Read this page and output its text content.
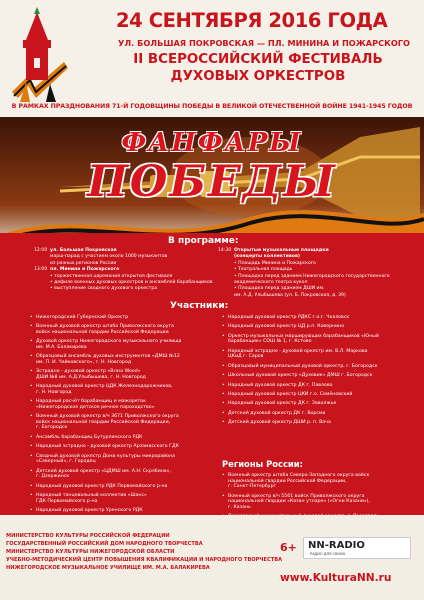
24 СЕНТЯБРЯ 2016 ГОДА
УЛ. БОЛЬШАЯ ПОКРОВСКАЯ — ПЛ. МИНИНА И ПОЖАРСКОГО
II ВСЕРОССИЙСКИЙ ФЕСТИВАЛЬ
ДУХОВЫХ ОРКЕСТРОВ
В РАМКАХ ПРАЗДНОВАНИЯ 71-Й ГОДОВЩИНЫ ПОБЕДЫ В ВЕЛИКОЙ ОТЕЧЕСТВЕННОЙ ВОЙНЕ 1941-1945 ГОДОВ
ФАНФАРЫ
ПОБЕДЫ
В программе:
12:00 ул. Большая Покровская
марш-парад с участием около 1000 музыкантов
из разных регионов России
13:00 пл. Минина и Пожарского
• торжественная церемония открытия фестиваля
• дефиле военных духовых оркестров и ансамблей барабанщиков
• выступление сводного духового оркестра
14:30 Открытые музыкальные площадки
(концерты коллективов)
• Площадь Минина и Пожарского
• Театральная площадь
• Площадка перед зданием Нижегородского государственного
академического театра кукол
• Площадка перед зданием ДШИ им.
им. А.Д. Улыбышева (ул. Б. Покровская, д. 39)
Участники:
• Нижегородский Губернский Оркестр
• Военный духовой оркестр штаба Приволжского округа
войск национальной гвардии Российской Федерации
• Духовой оркестр Нижегородского музыкального училища
им. М.А. Балакирева
• Образцовый ансамбль духовых инструментов «ДМШ №12
им. П. И. Чайковского», г. Н. Новгород
• Эстрадно - духовой оркестр «Brass Wood»
ДШИ №8 им. А.Д.Улыбышева, г. Н. Новгород
• Народный духовой оркестр ЦДК Железнодорожников,
г. Н. Новгород
• Народный расчёт барабанщиц и мажореток
«Нижегородское детское речное пароходство»
• Военный духовой оркестр в/ч 3671 Приволжского округа
войск национальной гвардии Российской Федерации,
г. Богородск
• Ансамбль барабанщиц Бутурлинского РДК
• Народный эстрадно - духовой оркестр Арзамасского ГДК
• Сводный духовой оркестр Дома культуры микрорайона
«Северный», г. Городец
• Детский духовой оркестр «ЦДМШ им. А.Н. Скрябина»,
г. Дзержинск
• Народный духовой оркестр РДК Первомайского р-на
• Народный танцевальный коллектив «Шанс»
ГДК Первомайского р-на
• Народный духовой оркестр Уренского РДК
• Народный духовой оркестр РДКС г.о.г. Чкаловск
• Народный духовой оркестр ЦД р.п. Ковернино
• Оркестр музыкальных марширующих барабанщиков «Юный
барабанщик» СОШ № 1, г. Кстово
• Народный эстрадно - духовой оркестр им. В.Л. Маркова
ЦКиД г. Саров
• Образцовый муниципальный духовой оркестр, г. Богородск
• Школьный духовой оркестр «Духовик» ДМШ г. Богородск
• Народный духовой оркестр ДК г. Павлово
• Народный духовой оркестр ЦКИ г.о. Семёновский
• Народный духовой оркестр ДК г. Заволжье
• Детский духовой оркестр ДК г. Ворсма
• Детский духовой оркестр ДШИ р. п. Вача
Регионы России:
• Военный оркестр штаба Северо-Западного округа войск
национальной гвардии Российской Федерации,
г. Санкт-Петербург
• Военный оркестр в/ч 5561 войск Приволжского округа
национальной гвардии «Казан утларе» («Огни Казани»),
г. Казань
•
•

МИНИСТЕРСТВО КУЛЬТУРЫ РОССИЙСКОЙ ФЕДЕРАЦИИ
ГОСУДАРСТВЕННЫЙ РОССИЙСКИЙ ДОМ НАРОДНОГО ТВОРЧЕСТВА
МИНИСТЕРСТВО КУЛЬТУРЫ НИЖЕГОРОДСКОЙ ОБЛАСТИ
УЧЕБНО-МЕТОДИЧЕСКИЙ ЦЕНТР ПОВЫШЕНИЯ КВАЛИФИКАЦИИ И НАРОДНОГО ТВОРЧЕСТВА
НИЖЕГОРОДСКОЕ МУЗЫКАЛЬНОЕ УЧИЛИЩЕ ИМ. М.А. БАЛАКИРЕВА
6+ NN-RADIO
РАДИО ДЛЯ СВОИХ
www.KulturaNN.ru
